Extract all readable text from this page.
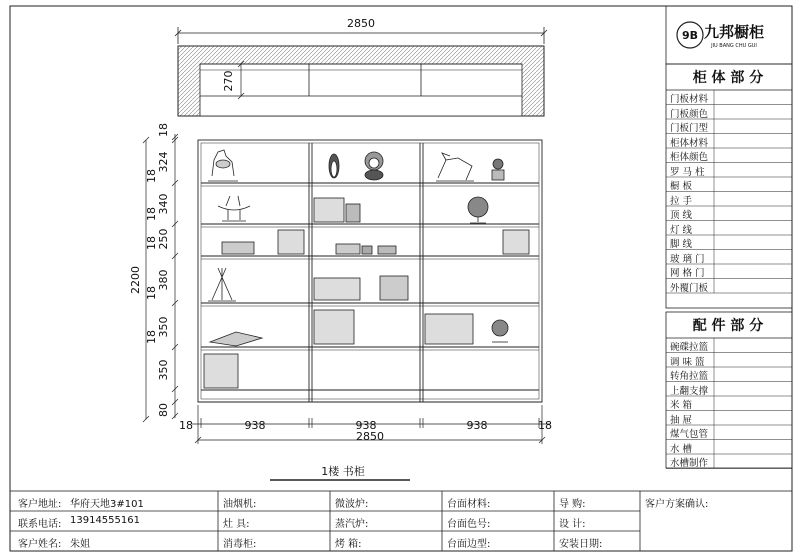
2850
270
18
324
18
340
18
250
18
380
18
350
18
350
80
2200
18	938	938	938	18
2850
1楼 书柜
9B 九邦橱柜
JIU BANG CHU GUI
柜 体 部 分
配 件 部 分
门板材料
门板颜色
门板门型
柜体材料
柜体颜色
罗 马 柱
橱 板
拉 手
顶 线
灯 线
脚 线
玻 璃 门
网 格 门
外覆门板
碗碟拉篮
调 味 篮
转角拉篮
上翻支撑
米 箱
抽 屉
煤气包管
水 槽
水槽制作
客户地址: 华府天地3#101
联系电话: 13914555161
客户姓名: 朱姐
油烟机:
灶 具:
消毒柜:
微波炉:
蒸汽炉:
烤 箱:
台面材料:
台面色号:
台面边型:
导 购:
设 计:
安装日期:
客户方案确认:
